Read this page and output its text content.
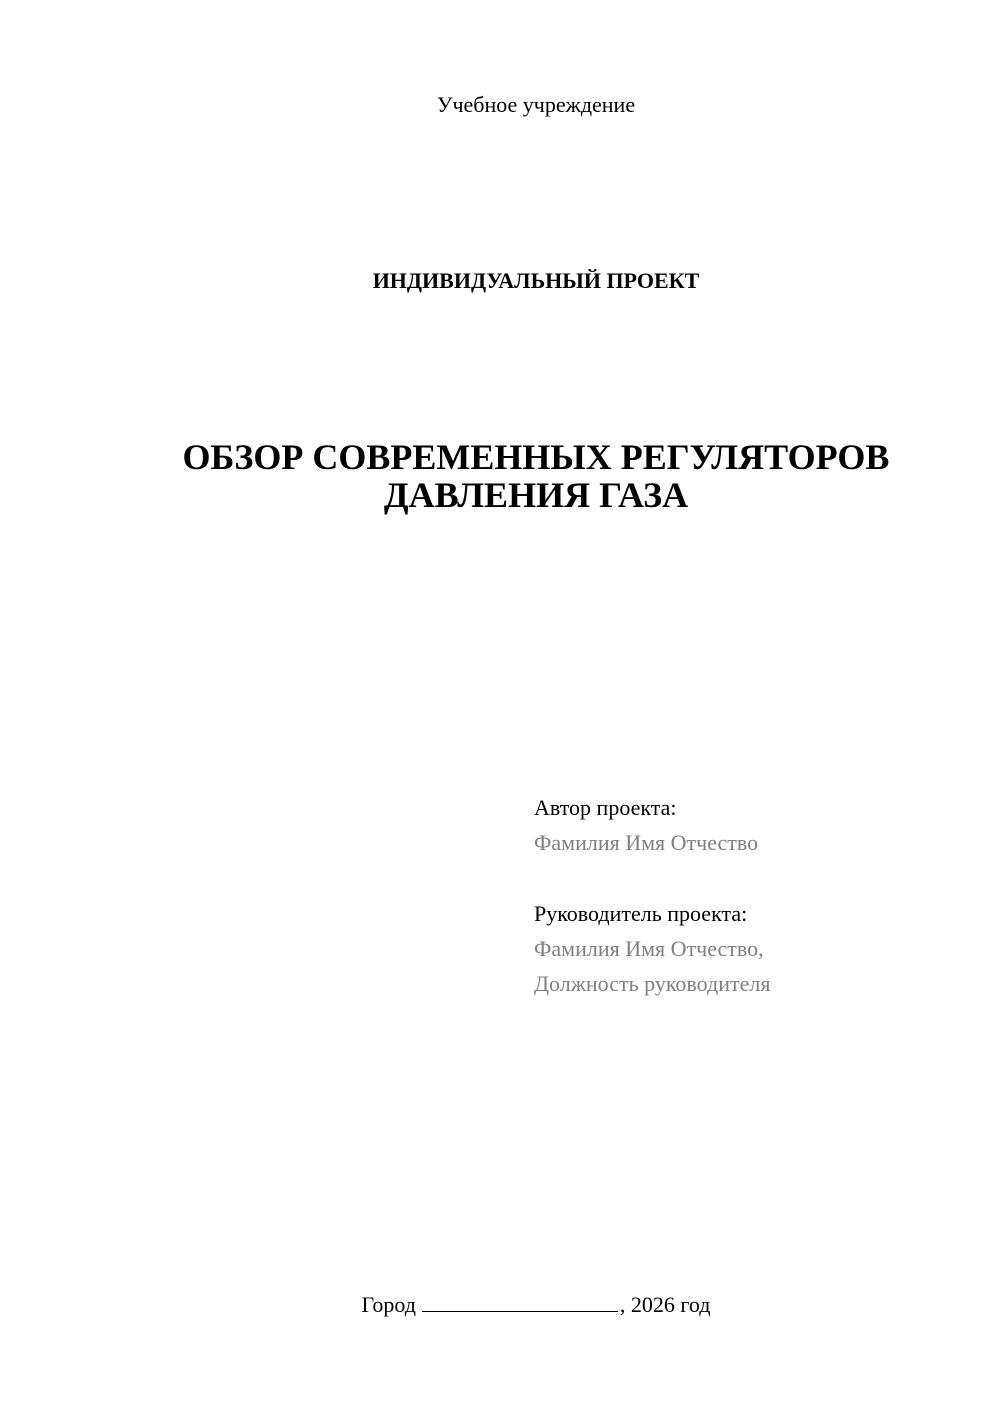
Учебное учреждение
ИНДИВИДУАЛЬНЫЙ ПРОЕКТ
ОБЗОР СОВРЕМЕННЫХ РЕГУЛЯТОРОВ
ДАВЛЕНИЯ ГАЗА
Автор проекта:
Фамилия Имя Отчество
Руководитель проекта:
Фамилия Имя Отчество,
Должность руководителя
Город	, 2026 год
